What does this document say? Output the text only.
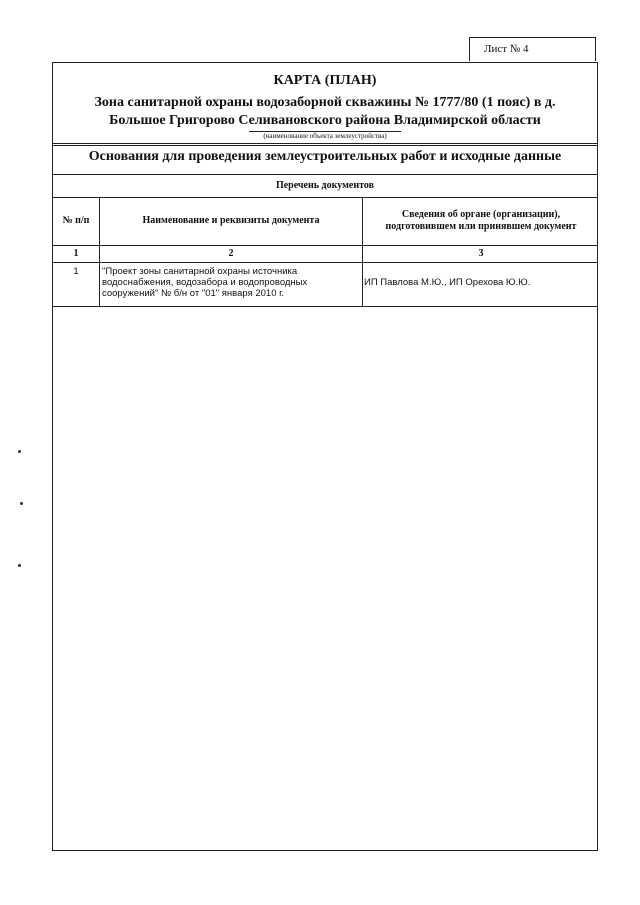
Лист № 4
КАРТА (ПЛАН)
Зона санитарной охраны водозаборной скважины № 1777/80 (1 пояс) в д.
Большое Григорово Селивановского района Владимирской области
(наименование объекта землеустройства)
Основания для проведения землеустроительных работ и исходные данные
Перечень документов
№ п/п	Наименование и реквизиты документа
Сведения об органе (организации), подготовившем или принявшем документ
1	2	3
1	"Проект зоны санитарной охраны источника водоснабжения, водозабора и водопроводных сооружений" № б/н от "01" января 2010 г.
ИП Павлова М.Ю., ИП Орехова Ю.Ю.
